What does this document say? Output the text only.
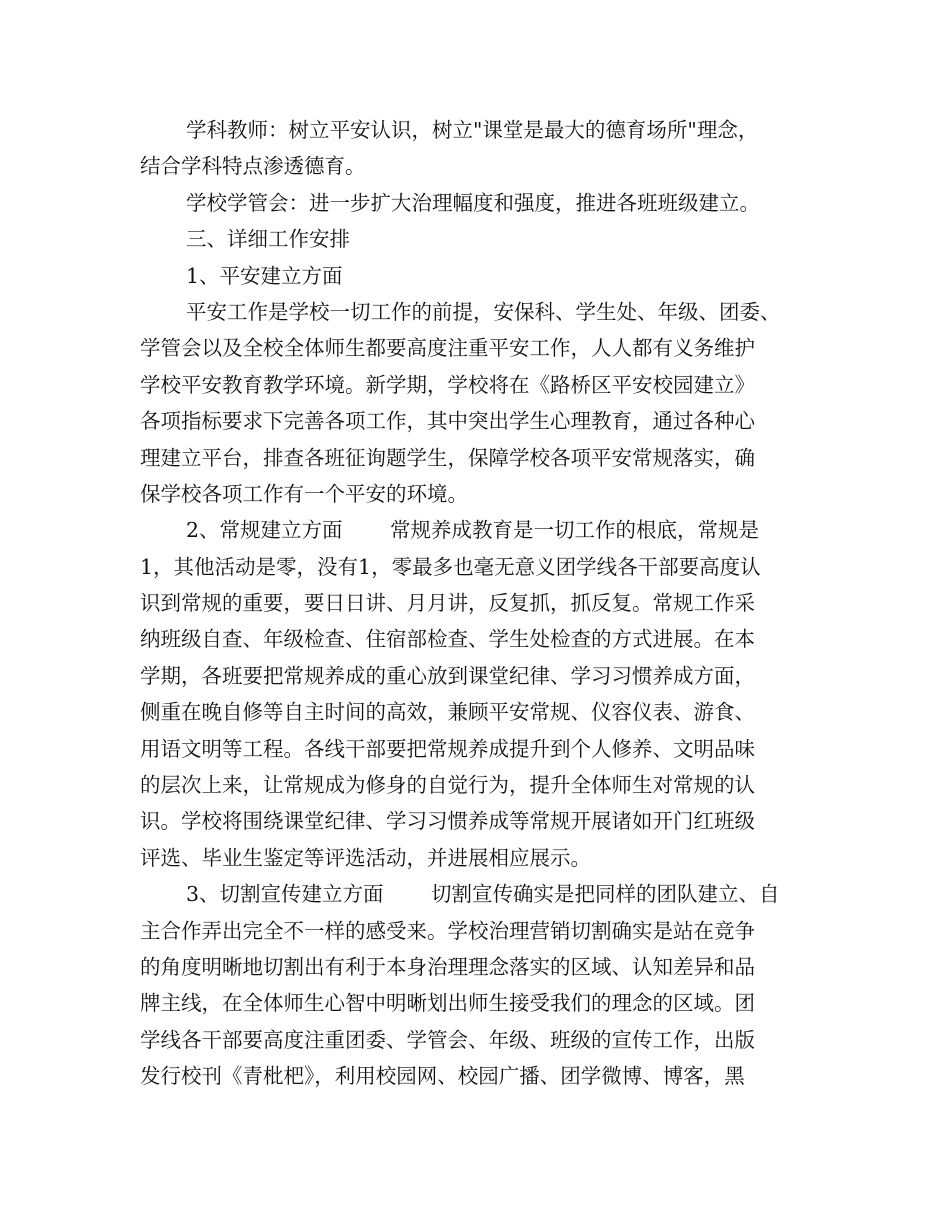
学科教师：树立平安认识，树立"课堂是最大的德育场所"理念，
结合学科特点渗透德育。
学校学管会：进一步扩大治理幅度和强度，推进各班班级建立。
三、详细工作安排
1、平安建立方面
平安工作是学校一切工作的前提，安保科、学生处、年级、团委、
学管会以及全校全体师生都要高度注重平安工作，人人都有义务维护
学校平安教育教学环境。新学期，学校将在《路桥区平安校园建立》
各项指标要求下完善各项工作，其中突出学生心理教育，通过各种心
理建立平台，排查各班征询题学生，保障学校各项平安常规落实，确
保学校各项工作有一个平安的环境。
2、常规建立方面　　 常规养成教育是一切工作的根底，常规是
1，其他活动是零，没有1，零最多也毫无意义团学线各干部要高度认
识到常规的重要，要日日讲、月月讲，反复抓，抓反复。常规工作采
纳班级自查、年级检查、住宿部检查、学生处检查的方式进展。在本
学期，各班要把常规养成的重心放到课堂纪律、学习习惯养成方面，
侧重在晚自修等自主时间的高效，兼顾平安常规、仪容仪表、游食、
用语文明等工程。各线干部要把常规养成提升到个人修养、文明品味
的层次上来，让常规成为修身的自觉行为，提升全体师生对常规的认
识。学校将围绕课堂纪律、学习习惯养成等常规开展诸如开门红班级
评选、毕业生鉴定等评选活动，并进展相应展示。
3、切割宣传建立方面　　 切割宣传确实是把同样的团队建立、自
主合作弄出完全不一样的感受来。学校治理营销切割确实是站在竞争
的角度明晰地切割出有利于本身治理理念落实的区域、认知差异和品
牌主线，在全体师生心智中明晰划出师生接受我们的理念的区域。团
学线各干部要高度注重团委、学管会、年级、班级的宣传工作，出版
发行校刊《青枇杷》，利用校园网、校园广播、团学微博、博客，黑
